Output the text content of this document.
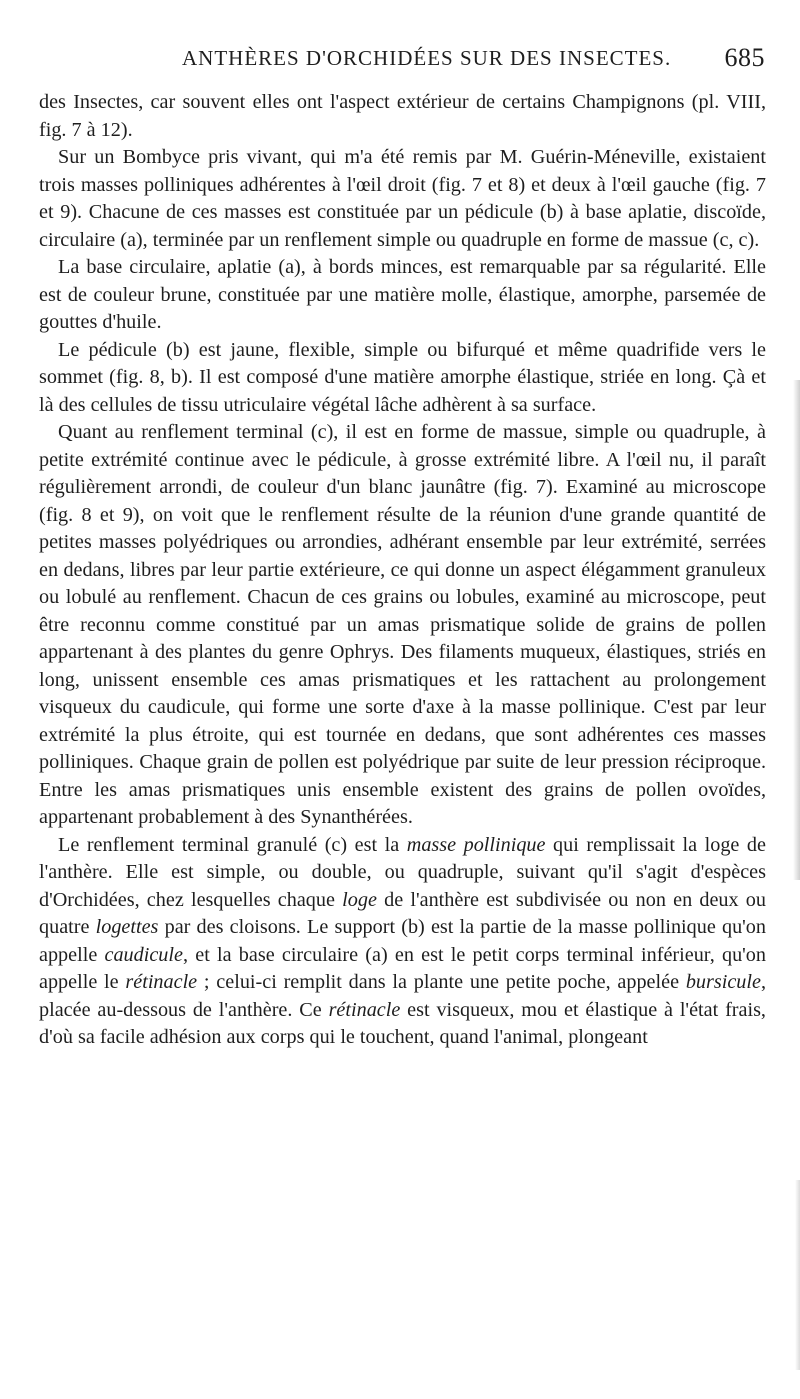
ANTHÈRES D'ORCHIDÉES SUR DES INSECTES. 685

des Insectes, car souvent elles ont l'aspect extérieur de certains Champignons (pl. VIII, fig. 7 à 12).

Sur un Bombyce pris vivant, qui m'a été remis par M. Guérin-Méneville, existaient trois masses polliniques adhérentes à l'œil droit (fig. 7 et 8) et deux à l'œil gauche (fig. 7 et 9). Chacune de ces masses est constituée par un pédicule (b) à base aplatie, discoïde, circulaire (a), terminée par un renflement simple ou quadruple en forme de massue (c, c).

La base circulaire, aplatie (a), à bords minces, est remarquable par sa régularité. Elle est de couleur brune, constituée par une matière molle, élastique, amorphe, parsemée de gouttes d'huile.

Le pédicule (b) est jaune, flexible, simple ou bifurqué et même quadrifide vers le sommet (fig. 8, b). Il est composé d'une matière amorphe élastique, striée en long. Çà et là des cellules de tissu utriculaire végétal lâche adhèrent à sa surface.

Quant au renflement terminal (c), il est en forme de massue, simple ou quadruple, à petite extrémité continue avec le pédicule, à grosse extrémité libre. A l'œil nu, il paraît régulièrement arrondi, de couleur d'un blanc jaunâtre (fig. 7). Examiné au microscope (fig. 8 et 9), on voit que le renflement résulte de la réunion d'une grande quantité de petites masses polyédriques ou arrondies, adhérant ensemble par leur extrémité, serrées en dedans, libres par leur partie extérieure, ce qui donne un aspect élégamment granuleux ou lobulé au renflement. Chacun de ces grains ou lobules, examiné au microscope, peut être reconnu comme constitué par un amas prismatique solide de grains de pollen appartenant à des plantes du genre Ophrys. Des filaments muqueux, élastiques, striés en long, unissent ensemble ces amas prismatiques et les rattachent au prolongement visqueux du caudicule, qui forme une sorte d'axe à la masse pollinique. C'est par leur extrémité la plus étroite, qui est tournée en dedans, que sont adhérentes ces masses polliniques. Chaque grain de pollen est polyédrique par suite de leur pression réciproque. Entre les amas prismatiques unis ensemble existent des grains de pollen ovoïdes, appartenant probablement à des Synanthérées.

Le renflement terminal granulé (c) est la masse pollinique qui remplissait la loge de l'anthère. Elle est simple, ou double, ou quadruple, suivant qu'il s'agit d'espèces d'Orchidées, chez lesquelles chaque loge de l'anthère est subdivisée ou non en deux ou quatre logettes par des cloisons. Le support (b) est la partie de la masse pollinique qu'on appelle caudicule, et la base circulaire (a) en est le petit corps terminal inférieur, qu'on appelle le rétinacle ; celui-ci remplit dans la plante une petite poche, appelée bursicule, placée au-dessous de l'anthère. Ce rétinacle est visqueux, mou et élastique à l'état frais, d'où sa facile adhésion aux corps qui le touchent, quand l'animal, plongeant
